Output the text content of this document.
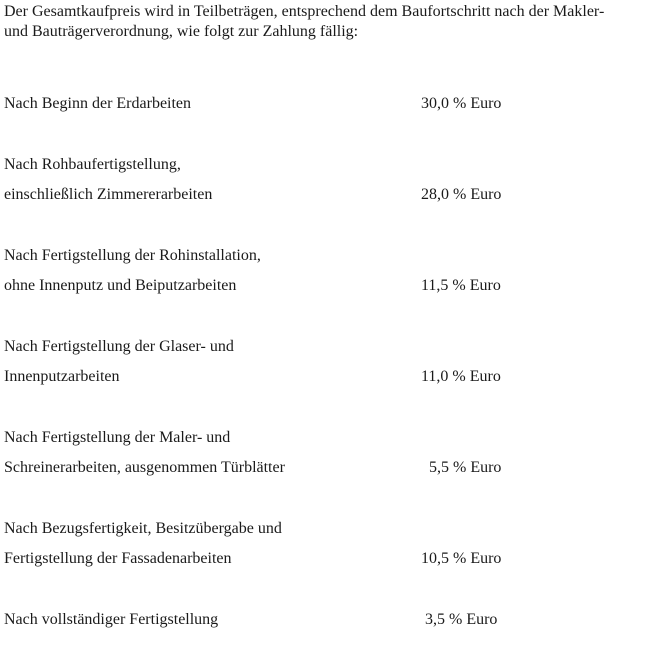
Der Gesamtkaufpreis wird in Teilbeträgen, entsprechend dem Baufortschritt nach der Makler-
und Bauträgerverordnung, wie folgt zur Zahlung fällig:
Nach Beginn der Erdarbeiten	30,0 % Euro
Nach Rohbaufertigstellung,
einschließlich Zimmererarbeiten	28,0 % Euro
Nach Fertigstellung der Rohinstallation,
ohne Innenputz und Beiputzarbeiten	11,5 % Euro
Nach Fertigstellung der Glaser- und
Innenputzarbeiten	11,0 % Euro
Nach Fertigstellung der Maler- und
Schreinerarbeiten, ausgenommen Türblätter	5,5 % Euro
Nach Bezugsfertigkeit, Besitzübergabe und
Fertigstellung der Fassadenarbeiten	10,5 % Euro
Nach vollständiger Fertigstellung	3,5 % Euro
